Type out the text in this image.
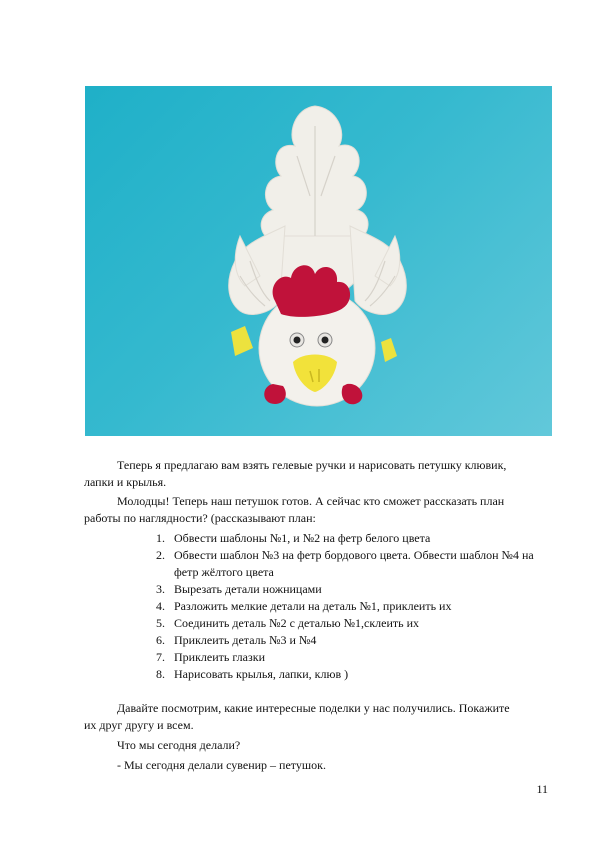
Теперь я предлагаю вам взять гелевые ручки и нарисовать петушку клювик, лапки и крылья.

Молодцы! Теперь наш петушок готов. А сейчас кто сможет рассказать план работы по наглядности? (рассказывают план:

1. Обвести шаблоны №1, и №2 на фетр белого цвета
2. Обвести шаблон №3 на фетр бордового цвета. Обвести шаблон №4 на фетр жёлтого цвета
3. Вырезать детали ножницами
4. Разложить мелкие детали на деталь №1, приклеить их
5. Соединить деталь №2 с деталью №1,склеить их
6. Приклеить деталь №3 и №4
7. Приклеить глазки
8. Нарисовать крылья, лапки, клюв )

Давайте посмотрим, какие интересные поделки у нас получились. Покажите их друг другу и всем.

Что мы сегодня делали?

- Мы сегодня делали сувенир – петушок.

11
